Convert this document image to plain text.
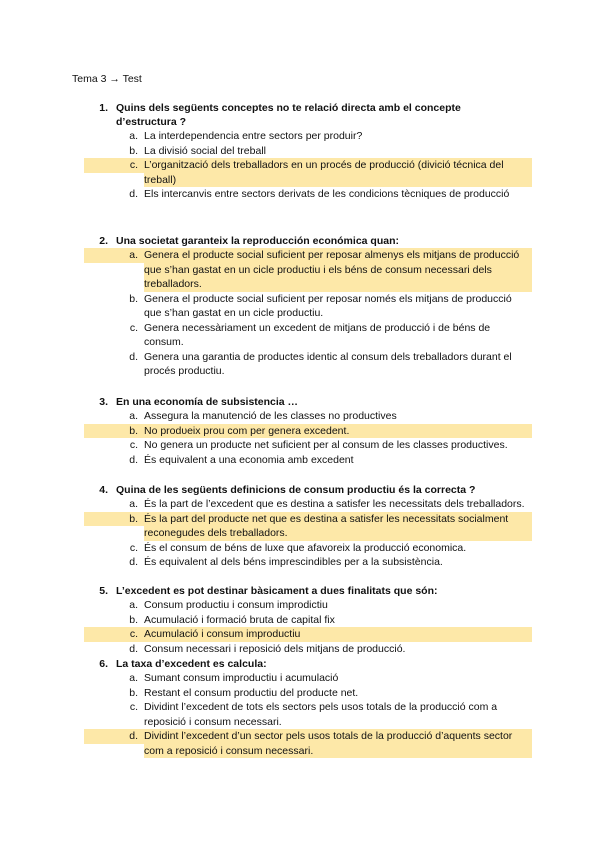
Tema 3 → Test

1. Quins dels següents conceptes no te relació directa amb el concepte d’estructura ?
a. La interdependencia entre sectors per produir?
b. La divisió social del treball
c. L’organització dels treballadors en un procés de producció (divició técnica del treball)
d. Els intercanvis entre sectors derivats de les condicions tècniques de producció
2. Una societat garanteix la reproducción económica quan:
a. Genera el producte social suficient per reposar almenys els mitjans de producció que s’han gastat en un cicle productiu i els béns de consum necessari dels treballadors.
b. Genera el producte social suficient per reposar només els mitjans de producció que s’han gastat en un cicle productiu.
c. Genera necessàriament un excedent de mitjans de producció i de béns de consum.
d. Genera una garantia de productes identic al consum dels treballadors durant el procés productiu.
3. En una economía de subsistencia …
a. Assegura la manutenció de les classes no productives
b. No prodυeix prou com per genera excedent.
c. No genera un producte net suficient per al consum de les classes productives.
d. És equivalent a una economia amb excedent
4. Quina de les següents definicions de consum productiu és la correcta ?
a. És la part de l’excedent que es destina a satisfer les necessitats dels treballadors.
b. És la part del producte net que es destina a satisfer les necessitats socialment reconegudes dels treballadors.
c. És el consum de béns de luxe que afavoreix la producció economica.
d. És equivalent al dels béns imprescindibles per a la subsistència.
5. L’excedent es pot destinar bàsicament a dues finalitats que són:
a. Consum productiu i consum improdictiu
b. Acumulació i formació bruta de capital fix
c. Acumulació i consum improductiu
d. Consum necessari i reposició dels mitjans de producció.
6. La taxa d’excedent es calcula:
a. Sumant consum improductiu i acumulació
b. Restant el consum productiu del producte net.
c. Dividint l’excedent de tots els sectors pels usos totals de la producció com a reposició i consum necessari.
d. Dividint l’excedent d’un sector pels usos totals de la producció d’aquents sector com a reposició i consum necessari.
